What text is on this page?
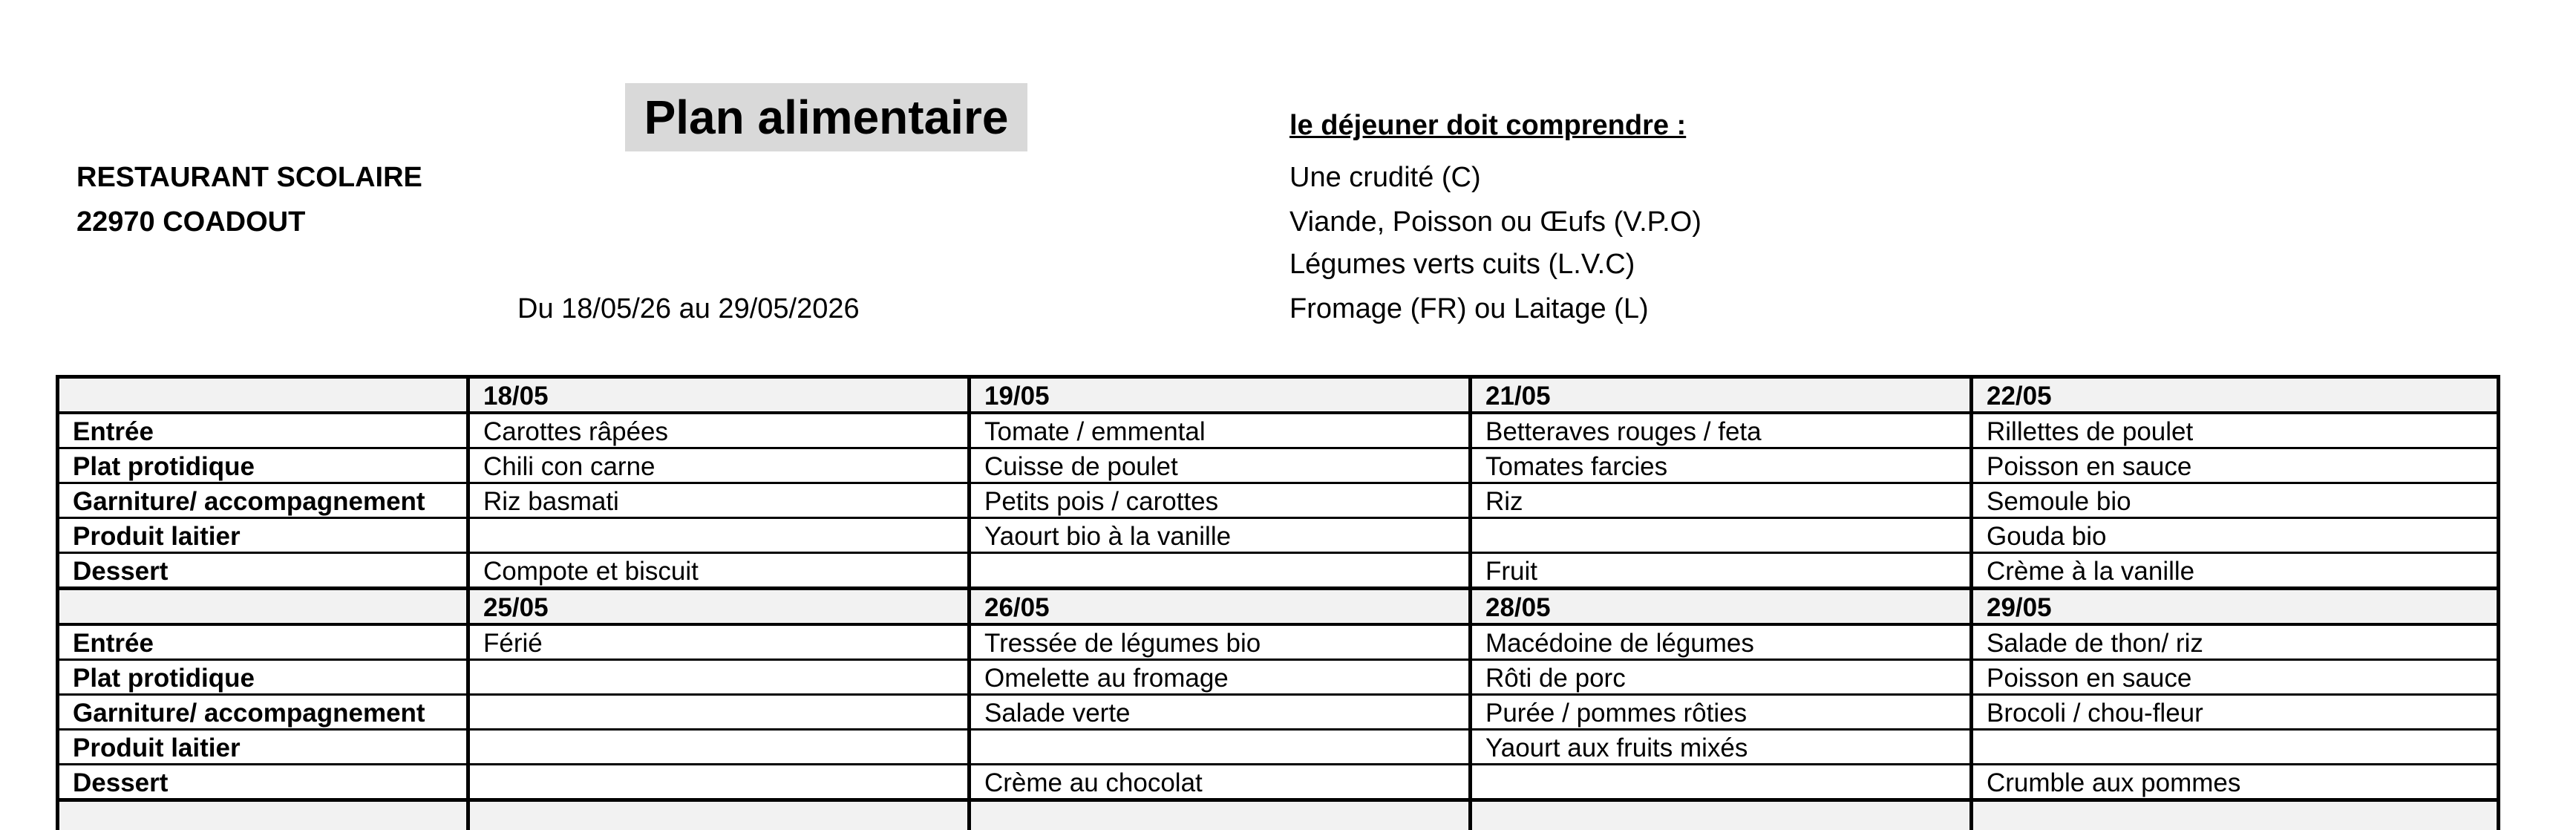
Plan alimentaire
RESTAURANT SCOLAIRE
22970 COADOUT
Du 18/05/26 au 29/05/2026
le déjeuner doit comprendre :
Une crudité (C)
Viande, Poisson ou Œufs (V.P.O)
Légumes verts cuits (L.V.C)
Fromage (FR) ou Laitage (L)
	18/05	19/05	21/05	22/05
Entrée	Carottes râpées	Tomate / emmental	Betteraves rouges / feta	Rillettes de poulet
Plat protidique	Chili con carne	Cuisse de poulet	Tomates farcies	Poisson en sauce
Garniture/ accompagnement	Riz basmati	Petits pois / carottes	Riz	Semoule bio
Produit laitier		Yaourt bio à la vanille		Gouda bio
Dessert	Compote et biscuit		Fruit	Crème à la vanille
	25/05	26/05	28/05	29/05
Entrée	Férié	Tressée de légumes bio	Macédoine de légumes	Salade de thon/ riz
Plat protidique		Omelette au fromage	Rôti de porc	Poisson en sauce
Garniture/ accompagnement		Salade verte	Purée / pommes rôties	Brocoli / chou-fleur
Produit laitier			Yaourt aux fruits mixés	
Dessert		Crème au chocolat		Crumble aux pommes
